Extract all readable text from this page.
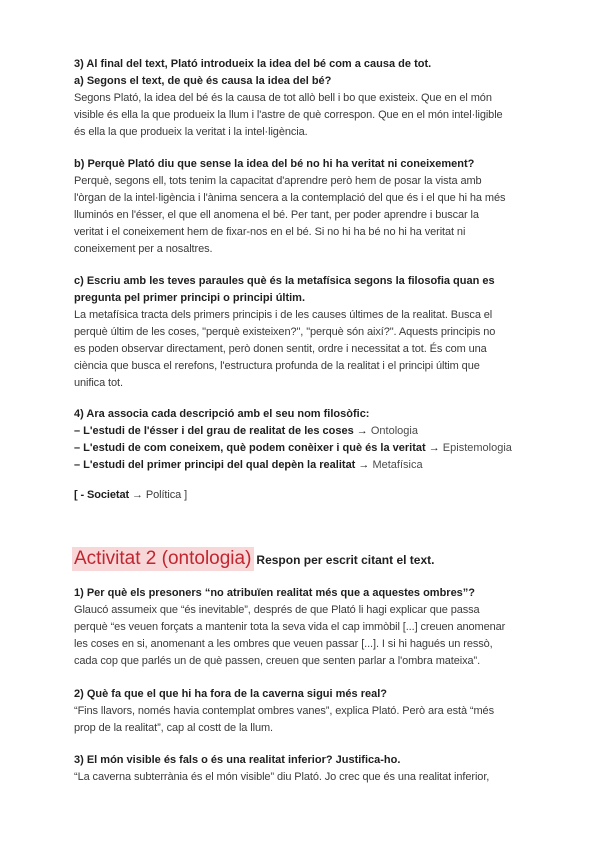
3) Al final del text, Plató introdueix la idea del bé com a causa de tot.

a) Segons el text, de què és causa la idea del bé?

Segons Plató, la idea del bé és la causa de tot allò bell i bo que existeix. Que en el món

visible és ella la que produeix la llum i l'astre de què correspon. Que en el món intel·ligible

és ella la que produeix la veritat i la intel·ligència.

b) Perquè Plató diu que sense la idea del bé no hi ha veritat ni coneixement?

Perquè, segons ell, tots tenim la capacitat d'aprendre però hem de posar la vista amb

l'òrgan de la intel·ligència i l'ànima sencera a la contemplació del que és i el que hi ha més

lluminós en l'ésser, el que ell anomena el bé. Per tant, per poder aprendre i buscar la

veritat i el coneixement hem de fixar-nos en el bé. Si no hi ha bé no hi ha veritat ni

coneixement per a nosaltres.

c) Escriu amb les teves paraules què és la metafísica segons la filosofia quan es

pregunta pel primer principi o principi últim.

La metafísica tracta dels primers principis i de les causes últimes de la realitat. Busca el

perquè últim de les coses, "perquè existeixen?", "perquè són així?". Aquests principis no

es poden observar directament, però donen sentit, ordre i necessitat a tot. És com una

ciència que busca el rerefons, l'estructura profunda de la realitat i el principi últim que

unifica tot.

4) Ara associa cada descripció amb el seu nom filosòfic:

– L'estudi de l'ésser i del grau de realitat de les coses → Ontologia

– L'estudi de com coneixem, què podem conèixer i què és la veritat → Epistemologia

– L'estudi del primer principi del qual depèn la realitat → Metafísica

[ - Societat → Política ]

Activitat 2 (ontologia) Respon per escrit citant el text.

1) Per què els presoners “no atribuïen realitat més que a aquestes ombres”?

Glaucó assumeix que “és inevitable”, després de que Plató li hagi explicar que passa

perquè “es veuen forçats a mantenir tota la seva vida el cap immòbil [...] creuen anomenar

les coses en si, anomenant a les ombres que veuen passar [...]. I si hi hagués un ressò,

cada cop que parlés un de què passen, creuen que senten parlar a l'ombra mateixa”.

2) Què fa que el que hi ha fora de la caverna sigui més real?

“Fins llavors, només havia contemplat ombres vanes”, explica Plató. Però ara està “més

prop de la realitat”, cap al costt de la llum.

3) El món visible és fals o és una realitat inferior? Justifica-ho.

“La caverna subterrània és el món visible” diu Plató. Jo crec que és una realitat inferior,
